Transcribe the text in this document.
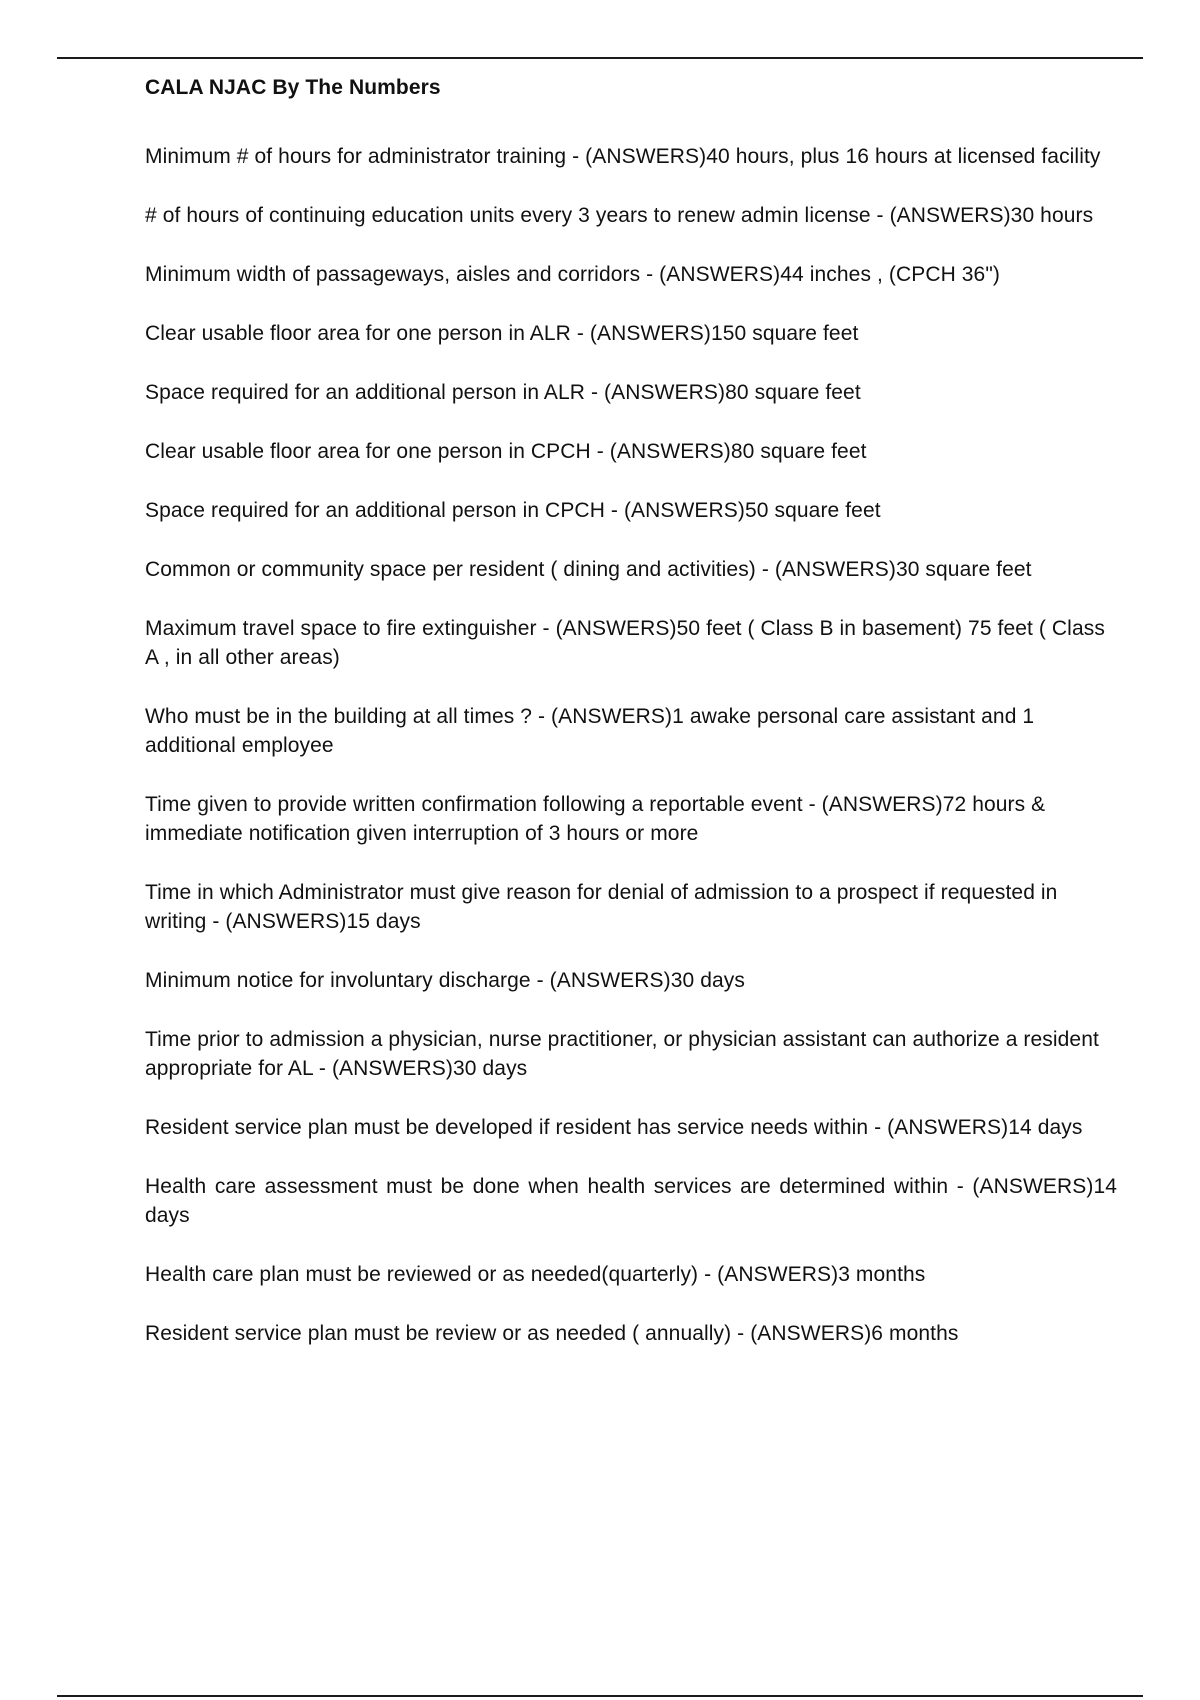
CALA NJAC By The Numbers
Minimum # of hours for administrator training - (ANSWERS)40 hours, plus 16 hours at licensed facility
# of hours of continuing education units every 3 years to renew admin license - (ANSWERS)30 hours
Minimum width of passageways, aisles and corridors - (ANSWERS)44 inches , (CPCH 36")
Clear usable floor area for one person in ALR - (ANSWERS)150 square feet
Space required for an additional person in ALR - (ANSWERS)80 square feet
Clear usable floor area for one person in CPCH - (ANSWERS)80 square feet
Space required for an additional person in CPCH - (ANSWERS)50 square feet
Common or community space per resident ( dining and activities) - (ANSWERS)30 square feet
Maximum travel space to fire extinguisher - (ANSWERS)50 feet ( Class B in basement) 75 feet ( Class A , in all other areas)
Who must be in the building at all times ? - (ANSWERS)1 awake personal care assistant and 1 additional employee
Time given to provide written confirmation following a reportable event - (ANSWERS)72 hours & immediate notification given interruption of 3 hours or more
Time in which Administrator must give reason for denial of admission to a prospect if requested in writing - (ANSWERS)15 days
Minimum notice for involuntary discharge - (ANSWERS)30 days
Time prior to admission a physician, nurse practitioner, or physician assistant can authorize a resident appropriate for AL - (ANSWERS)30 days
Resident service plan must be developed if resident has service needs within - (ANSWERS)14 days
Health care assessment must be done when health services are determined within - (ANSWERS)14 days
Health care plan must be reviewed or as needed(quarterly) - (ANSWERS)3 months
Resident service plan must be review or as needed ( annually) - (ANSWERS)6 months
